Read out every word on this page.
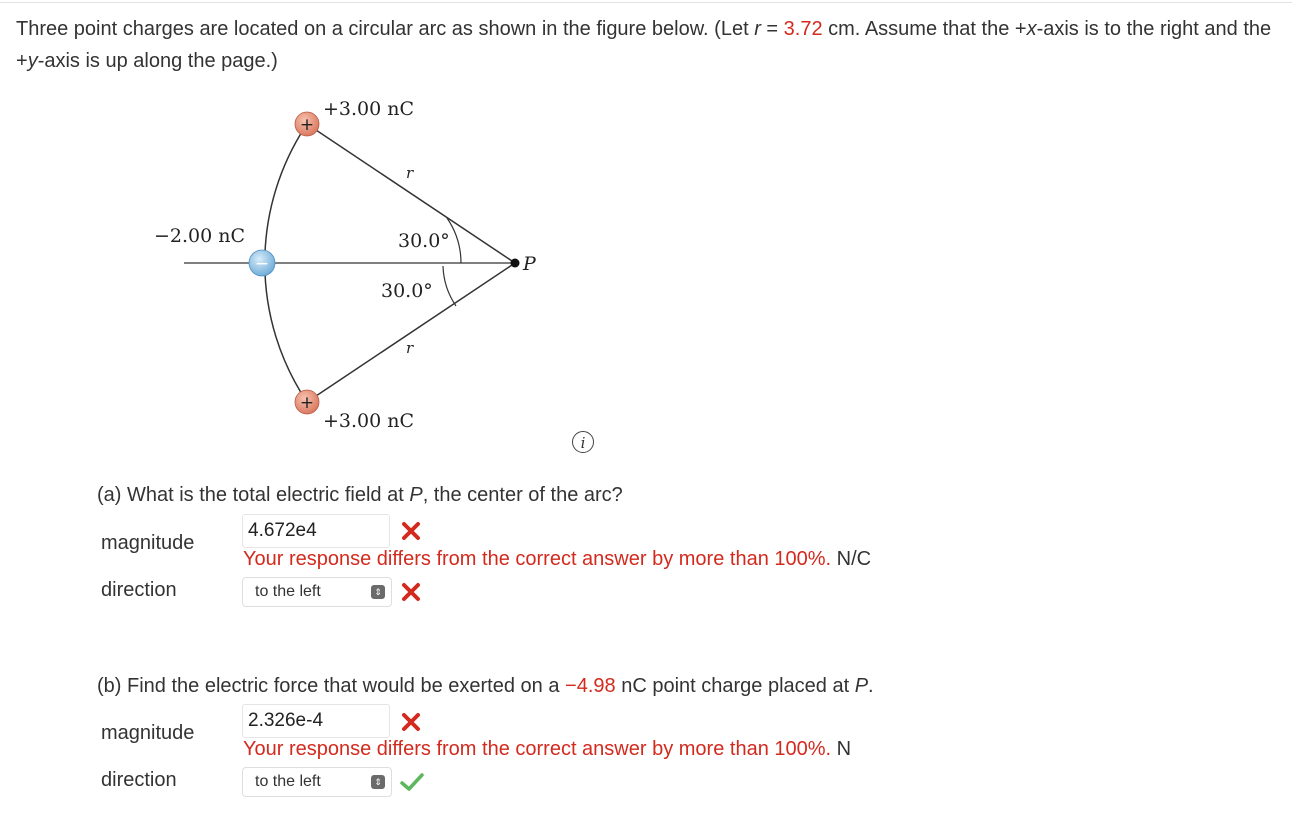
Three point charges are located on a circular arc as shown in the figure below. (Let r = 3.72 cm. Assume that the +x-axis is to the right and the +y-axis is up along the page.)
P
+
−
+
+3.00 nC
−2.00 nC
+3.00 nC
30.0°
30.0°
r
r
i
(a) What is the total electric field at P, the center of the arc?
magnitude
4.672e4
Your response differs from the correct answer by more than 100%. N/C
direction	to the left	⇕
(b) Find the electric force that would be exerted on a −4.98 nC point charge placed at P.
magnitude
2.326e-4
Your response differs from the correct answer by more than 100%. N
direction	to the left	⇕
